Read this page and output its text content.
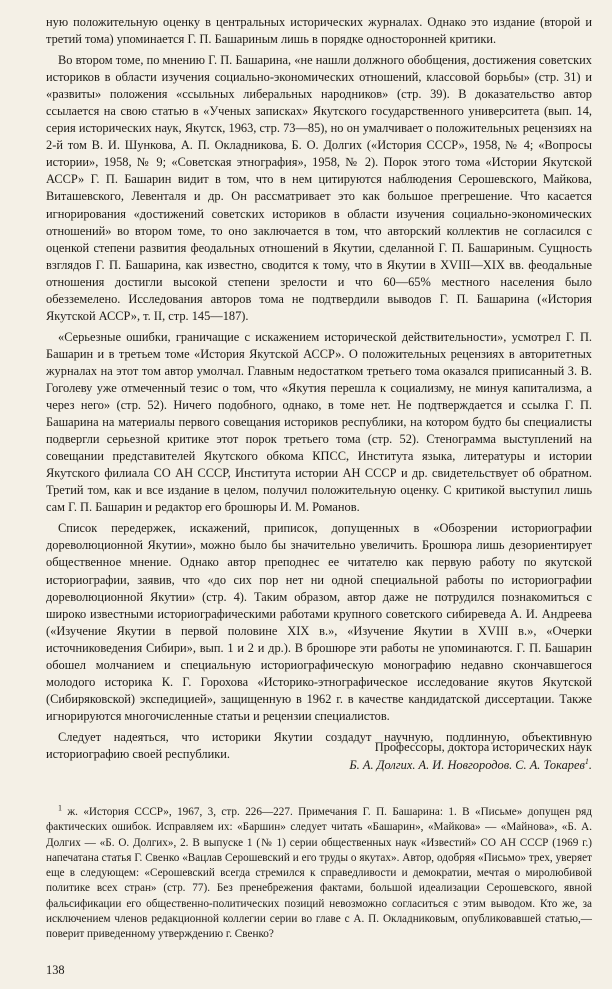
ную положительную оценку в центральных исторических журналах. Однако это издание (второй и третий тома) упоминается Г. П. Башариным лишь в порядке односторонней критики.

Во втором томе, по мнению Г. П. Башарина, «не нашли должного обобщения, достижения советских историков в области изучения социально-экономических отношений, классовой борьбы» (стр. 31) и «развиты» положения «ссыльных либеральных народников» (стр. 39). В доказательство автор ссылается на свою статью в «Ученых записках» Якутского государственного университета (вып. 14, серия исторических наук, Якутск, 1963, стр. 73—85), но он умалчивает о положительных рецензиях на 2-й том В. И. Шункова, А. П. Окладникова, Б. О. Долгих («История СССР», 1958, № 4; «Вопросы истории», 1958, № 9; «Советская этнография», 1958, № 2). Порок этого тома «Истории Якутской АССР» Г. П. Башарин видит в том, что в нем цитируются наблюдения Серошевского, Майкова, Виташевского, Левенталя и др. Он рассматривает это как большое прегрешение. Что касается игнорирования «достижений советских историков в области изучения социально-экономических отношений» во втором томе, то оно заключается в том, что авторский коллектив не согласился с оценкой степени развития феодальных отношений в Якутии, сделанной Г. П. Башариным. Сущность взглядов Г. П. Башарина, как известно, сводится к тому, что в Якутии в XVIII—XIX вв. феодальные отношения достигли высокой степени зрелости и что 60—65% местного населения было обезземелено. Исследования авторов тома не подтвердили выводов Г. П. Башарина («История Якутской АССР», т. II, стр. 145—187).

«Серьезные ошибки, граничащие с искажением исторической действительности», усмотрел Г. П. Башарин и в третьем томе «История Якутской АССР». О положительных рецензиях в авторитетных журналах на этот том автор умолчал. Главным недостатком третьего тома оказался приписанный З. В. Гоголеву уже отмеченный тезис о том, что «Якутия перешла к социализму, не минуя капитализма, а через него» (стр. 52). Ничего подобного, однако, в томе нет. Не подтверждается и ссылка Г. П. Башарина на материалы первого совещания историков республики, на котором будто бы специалисты подвергли серьезной критике этот порок третьего тома (стр. 52). Стенограмма выступлений на совещании представителей Якутского обкома КПСС, Института языка, литературы и истории Якутского филиала СО АН СССР, Института истории АН СССР и др. свидетельствует об обратном. Третий том, как и все издание в целом, получил положительную оценку. С критикой выступил лишь сам Г. П. Башарин и редактор его брошюры И. М. Романов.

Список передержек, искажений, приписок, допущенных в «Обозрении историографии дореволюционной Якутии», можно было бы значительно увеличить. Брошюра лишь дезориентирует общественное мнение. Однако автор преподнес ее читателю как первую работу по якутской историографии, заявив, что «до сих пор нет ни одной специальной работы по историографии дореволюционной Якутии» (стр. 4). Таким образом, автор даже не потрудился познакомиться с широко известными историографическими работами крупного советского сибиреведа А. И. Андреева («Изучение Якутии в первой половине XIX в.», «Изучение Якутии в XVIII в.», «Очерки источниковедения Сибири», вып. 1 и 2 и др.). В брошюре эти работы не упоминаются. Г. П. Башарин обошел молчанием и специальную историографическую монографию недавно скончавшегося молодого историка К. Г. Горохова «Историко-этнографическое исследование якутов Якутской (Сибиряковской) экспедицией», защищенную в 1962 г. в качестве кандидатской диссертации. Также игнорируются многочисленные статьи и рецензии специалистов.

Следует надеяться, что историки Якутии создадут научную, подлинную, объективную историографию своей республики.	Профессоры, доктора исторических наук
Б. А. Долгих. А. И. Новгородов. С. А. Токарев$^1$.

$^1$ ж. «История СССР», 1967, 3, стр. 226—227. Примечания Г. П. Башарина: 1. В «Письме» допущен ряд фактических ошибок. Исправляем их: «Баршин» следует читать «Башарин», «Майкова» — «Майнова», «Б. А. Долгих — «Б. О. Долгих», 2. В выпуске 1 (№ 1) серии общественных наук «Известий» СО АН СССР (1969 г.) напечатана статья Г. Свенко «Вацлав Серошевский и его труды о якутах». Автор, одобряя «Письмо» трех, уверяет еще в следующем: «Серошевский всегда стремился к справедливости и демократии, мечтая о миролюбивой политике всех стран» (стр. 77). Без пренебрежения фактами, большой идеализации Серошевского, явной фальсификации его общественно-политических позиций невозможно согласиться с этим выводом. Кто же, за исключением членов редакционной коллегии серии во главе с А. П. Окладниковым, опубликовавшей статью,— поверит приведенному утверждению г. Свенко?

138
